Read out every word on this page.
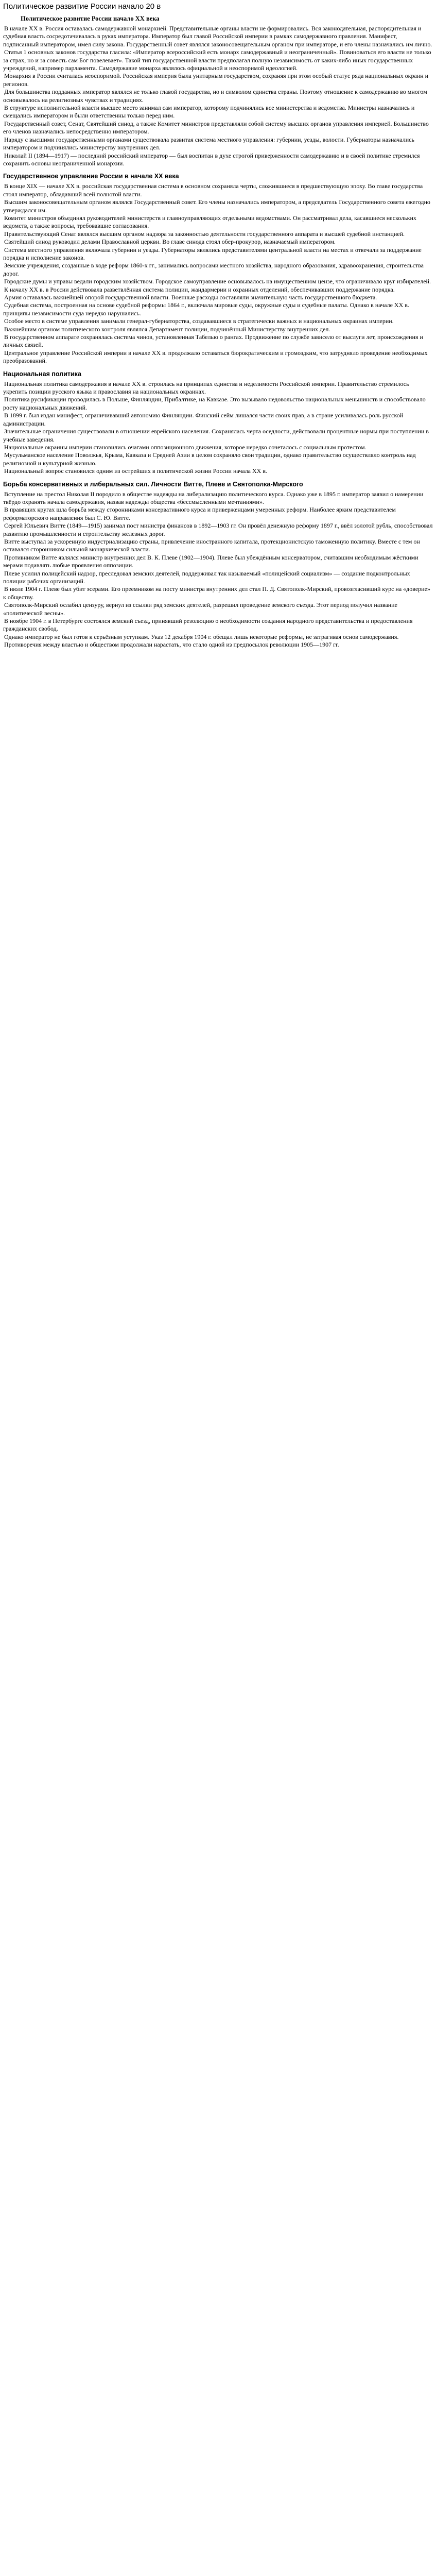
Политическое развитие России начало 20 в
Политическое развитие России начало XX века

В начале XX в. Россия оставалась самодержавной монархией. Представительные органы власти не формировались. Вся законодательная, распорядительная и судебная власть сосредотачивалась в руках императора. Император был главой Российской империи в рамках самодержавного правления. Манифест, подписанный императором, имел силу закона. Государственный совет являлся законосовещательным органом при императоре, и его члены назначались им лично.

Статья 1 основных законов государства гласила: «Император всероссийский есть монарх самодержавный и неограниченный». Повиноваться его власти не только за страх, но и за совесть сам Бог повелевает». Такой тип государственной власти предполагал полную независимость от каких-либо иных государственных учреждений, например парламента. Самодержавие монарха являлось официальной и неоспоримой идеологией.

Монархия в России считалась неоспоримой. Российская империя была унитарным государством, сохраняя при этом особый статус ряда национальных окраин и регионов.

Для большинства подданных император являлся не только главой государства, но и символом единства страны. Поэтому отношение к самодержавию во многом основывалось на религиозных чувствах и традициях.

В структуре исполнительной власти высшее место занимал сам император, которому подчинялись все министерства и ведомства. Министры назначались и смещались императором и были ответственны только перед ним.

Государственный совет, Сенат, Святейший синод, а также Комитет министров представляли собой систему высших органов управления империей. Большинство его членов назначались непосредственно императором.

Наряду с высшими государственными органами существовала развитая система местного управления: губернии, уезды, волости. Губернаторы назначались императором и подчинялись министерству внутренних дел.

Николай II (1894—1917) — последний российский император — был воспитан в духе строгой приверженности самодержавию и в своей политике стремился сохранить основы неограниченной монархии.

Государственное управление России в начале XX века

В конце XIX — начале XX в. российская государственная система в основном сохраняла черты, сложившиеся в предшествующую эпоху. Во главе государства стоял император, обладавший всей полнотой власти.

Высшим законосовещательным органом являлся Государственный совет. Его члены назначались императором, а председатель Государственного совета ежегодно утверждался им.

Комитет министров объединял руководителей министерств и главноуправляющих отдельными ведомствами. Он рассматривал дела, касавшиеся нескольких ведомств, а также вопросы, требовавшие согласования.

Правительствующий Сенат являлся высшим органом надзора за законностью деятельности государственного аппарата и высшей судебной инстанцией.

Святейший синод руководил делами Православной церкви. Во главе синода стоял обер-прокурор, назначаемый императором.

Система местного управления включала губернии и уезды. Губернаторы являлись представителями центральной власти на местах и отвечали за поддержание порядка и исполнение законов.

Земские учреждения, созданные в ходе реформ 1860-х гг., занимались вопросами местного хозяйства, народного образования, здравоохранения, строительства дорог.

Городские думы и управы ведали городским хозяйством. Городское самоуправление основывалось на имущественном цензе, что ограничивало круг избирателей.

К началу XX в. в России действовала разветвлённая система полиции, жандармерии и охранных отделений, обеспечивавших поддержание порядка.

Армия оставалась важнейшей опорой государственной власти. Военные расходы составляли значительную часть государственного бюджета.

Судебная система, построенная на основе судебной реформы 1864 г., включала мировые суды, окружные суды и судебные палаты. Однако в начале XX в. принципы независимости суда нередко нарушались.

Особое место в системе управления занимали генерал-губернаторства, создававшиеся в стратегически важных и национальных окраинах империи.

Важнейшим органом политического контроля являлся Департамент полиции, подчинённый Министерству внутренних дел.

В государственном аппарате сохранялась система чинов, установленная Табелью о рангах. Продвижение по службе зависело от выслуги лет, происхождения и личных связей.

Центральное управление Российской империи в начале XX в. продолжало оставаться бюрократическим и громоздким, что затрудняло проведение необходимых преобразований.

Национальная политика

Национальная политика самодержавия в начале XX в. строилась на принципах единства и неделимости Российской империи. Правительство стремилось укрепить позиции русского языка и православия на национальных окраинах.

Политика русификации проводилась в Польше, Финляндии, Прибалтике, на Кавказе. Это вызывало недовольство национальных меньшинств и способствовало росту национальных движений.

В 1899 г. был издан манифест, ограничивавший автономию Финляндии. Финский сейм лишался части своих прав, а в стране усиливалась роль русской администрации.

Значительные ограничения существовали в отношении еврейского населения. Сохранялась черта оседлости, действовали процентные нормы при поступлении в учебные заведения.

Национальные окраины империи становились очагами оппозиционного движения, которое нередко сочеталось с социальным протестом.

Мусульманское население Поволжья, Крыма, Кавказа и Средней Азии в целом сохраняло свои традиции, однако правительство осуществляло контроль над религиозной и культурной жизнью.

Национальный вопрос становился одним из острейших в политической жизни России начала XX в.

Борьба консервативных и либеральных сил. Личности Витте, Плеве и Святополка-Мирского

Вступление на престол Николая II породило в обществе надежды на либерализацию политического курса. Однако уже в 1895 г. император заявил о намерении твёрдо охранять начала самодержавия, назвав надежды общества «бессмысленными мечтаниями».

В правящих кругах шла борьба между сторонниками консервативного курса и приверженцами умеренных реформ. Наиболее ярким представителем реформаторского направления был С. Ю. Витте.

Сергей Юльевич Витте (1849—1915) занимал пост министра финансов в 1892—1903 гг. Он провёл денежную реформу 1897 г., ввёл золотой рубль, способствовал развитию промышленности и строительству железных дорог.

Витте выступал за ускоренную индустриализацию страны, привлечение иностранного капитала, протекционистскую таможенную политику. Вместе с тем он оставался сторонником сильной монархической власти.

Противником Витте являлся министр внутренних дел В. К. Плеве (1902—1904). Плеве был убеждённым консерватором, считавшим необходимым жёсткими мерами подавлять любые проявления оппозиции.

Плеве усилил полицейский надзор, преследовал земских деятелей, поддерживал так называемый «полицейский социализм» — создание подконтрольных полиции рабочих организаций.

В июле 1904 г. Плеве был убит эсерами. Его преемником на посту министра внутренних дел стал П. Д. Святополк-Мирский, провозгласивший курс на «доверие» к обществу.

Святополк-Мирский ослабил цензуру, вернул из ссылки ряд земских деятелей, разрешил проведение земского съезда. Этот период получил название «политической весны».

В ноябре 1904 г. в Петербурге состоялся земский съезд, принявший резолюцию о необходимости создания народного представительства и предоставления гражданских свобод.

Однако император не был готов к серьёзным уступкам. Указ 12 декабря 1904 г. обещал лишь некоторые реформы, не затрагивая основ самодержавия.

Противоречия между властью и обществом продолжали нарастать, что стало одной из предпосылок революции 1905—1907 гг.
